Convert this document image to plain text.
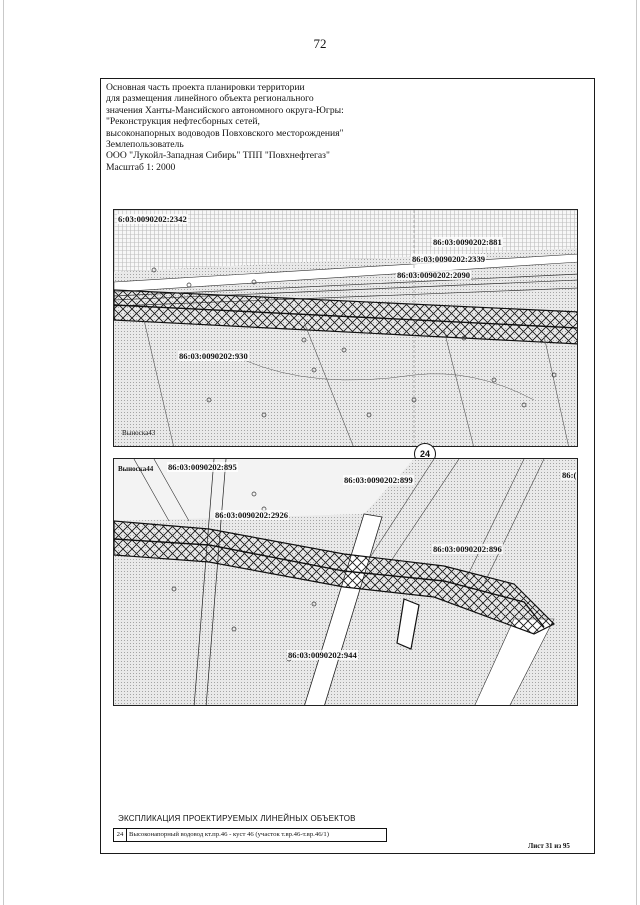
72
Основная часть проекта планировки территории
для размещения линейного объекта регионального
значения Ханты-Мансийского автономного округа-Югры:
"Реконструкция нефтесборных сетей,
высоконапорных водоводов Повховского месторождения"
Землепользователь
ООО "Лукойл-Западная Сибирь" ТПП "Повхнефтегаз"
Масштаб 1: 2000
6:03:0090202:2342
86:03:0090202:881
86:03:0090202:2339
86:03:0090202:2090
86:03:0090202:930
Выноска43
24
Выноска44 86:03:0090202:895
86:03:0090202:899
86:03:0090202:2926
86:03:0090202:896
86:03:0090202:944
86:(
ЭКСПЛИКАЦИЯ ПРОЕКТИРУЕМЫХ ЛИНЕЙНЫХ ОБЪЕКТОВ
24 Высоконапорный водовод кт.пр.46 - куст 46 (участок т.вр.46-т.вр.46/1)
Лист 31 из 95
